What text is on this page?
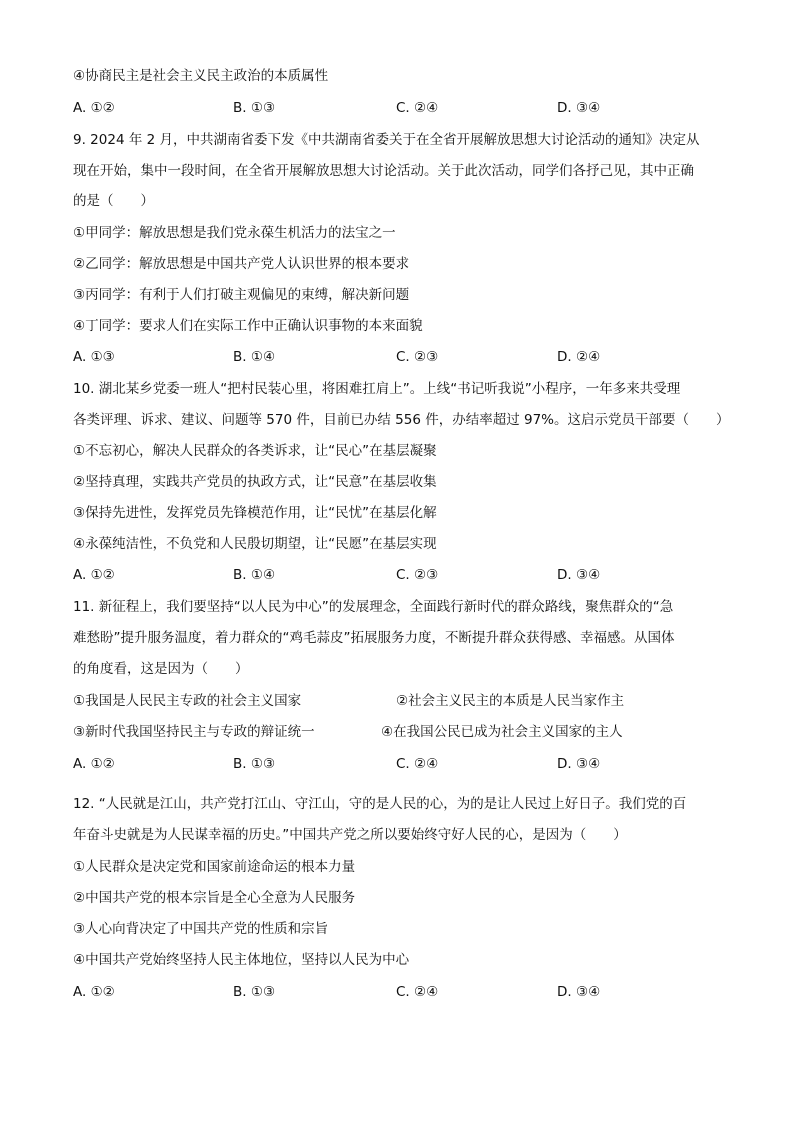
④协商民主是社会主义民主政治的本质属性
A. ①②	B. ①③	C. ②④	D. ③④
9. 2024 年 2 月，中共湖南省委下发《中共湖南省委关于在全省开展解放思想大讨论活动的通知》决定从
现在开始，集中一段时间，在全省开展解放思想大讨论活动。关于此次活动，同学们各抒己见，其中正确
的是（　　）
①甲同学：解放思想是我们党永葆生机活力的法宝之一
②乙同学：解放思想是中国共产党人认识世界的根本要求
③丙同学：有利于人们打破主观偏见的束缚，解决新问题
④丁同学：要求人们在实际工作中正确认识事物的本来面貌
A. ①③	B. ①④	C. ②③	D. ②④
10. 湖北某乡党委一班人“把村民装心里，将困难扛肩上”。上线“书记听我说”小程序，一年多来共受理
各类评理、诉求、建议、问题等 570 件，目前已办结 556 件，办结率超过 97%。这启示党员干部要（　　）
①不忘初心，解决人民群众的各类诉求，让“民心”在基层凝聚
②坚持真理，实践共产党员的执政方式，让“民意”在基层收集
③保持先进性，发挥党员先锋模范作用，让“民忧”在基层化解
④永葆纯洁性，不负党和人民殷切期望，让“民愿”在基层实现
A. ①②	B. ①④	C. ②③	D. ③④
11. 新征程上，我们要坚持“以人民为中心”的发展理念，全面践行新时代的群众路线，聚焦群众的“急
难愁盼”提升服务温度，着力群众的“鸡毛蒜皮”拓展服务力度，不断提升群众获得感、幸福感。从国体
的角度看，这是因为（　　）
①我国是人民民主专政的社会主义国家	②社会主义民主的本质是人民当家作主
③新时代我国坚持民主与专政的辩证统一	④在我国公民已成为社会主义国家的主人
A. ①②	B. ①③	C. ②④	D. ③④
12. “人民就是江山，共产党打江山、守江山，守的是人民的心，为的是让人民过上好日子。我们党的百
年奋斗史就是为人民谋幸福的历史。”中国共产党之所以要始终守好人民的心，是因为（　　）
①人民群众是决定党和国家前途命运的根本力量
②中国共产党的根本宗旨是全心全意为人民服务
③人心向背决定了中国共产党的性质和宗旨
④中国共产党始终坚持人民主体地位，坚持以人民为中心
A. ①②	B. ①③	C. ②④	D. ③④
